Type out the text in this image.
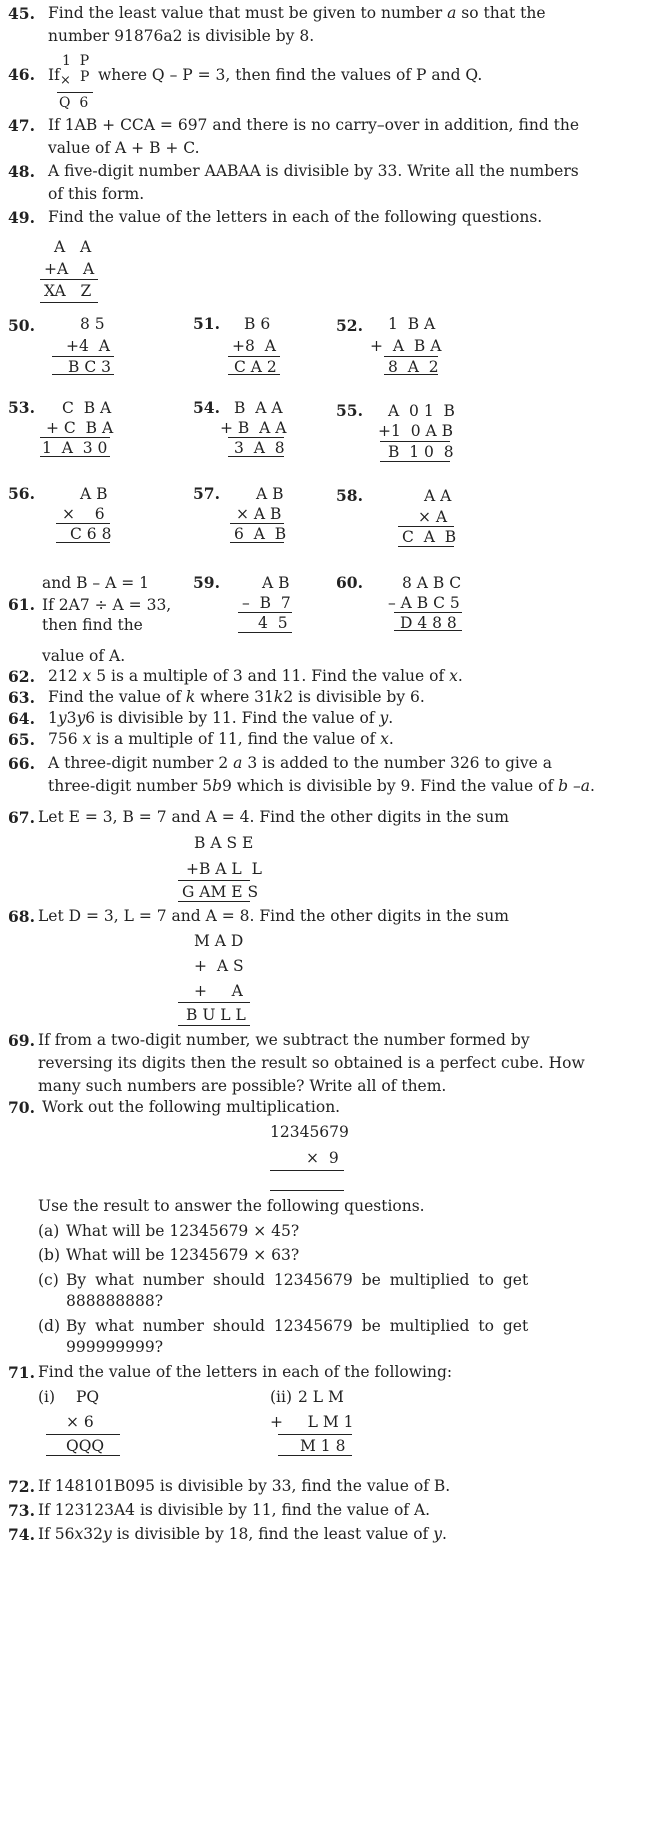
45. Find the least value that must be given to number a so that the
number 91876a2 is divisible by 8.
46. If
1  P
× P
Q  6
where Q – P = 3, then find the values of P and Q.
47. If 1AB + CCA = 697 and there is no carry–over in addition, find the
value of A + B + C.
48. A five-digit number AABAA is divisible by 33. Write all the numbers
of this form.
49. Find the value of the letters in each of the following questions.
A   A
+A   A
XA   Z
50.	8 5
+4  A
B C 3
51. B 6
+8  A
C A 2
52. 1  B A
+  A  B A
8  A  2
53. C  B A
+ C  B A
1  A  3 0
54. B  A A
+ B  A A
3  A  8
55. A  0 1  B
+1  0 A B
B  1 0  8
56.	A B
×    6
C 6 8
57. A B
× A B
6  A  B
58.	A A
× A
C  A  B
and B – A = 1
61. If 2A7 ÷ A = 33,
then find the
value of A.
59.	A B
–  B  7
4  5
60.	8 A B C
– A B C 5
D 4 8 8
62. 212 x 5 is a multiple of 3 and 11. Find the value of x.
63. Find the value of k where 31k2 is divisible by 6.
64. 1y3y6 is divisible by 11. Find the value of y.
65. 756 x is a multiple of 11, find the value of x.
66. A three-digit number 2 a 3 is added to the number 326 to give a
three-digit number 5b9 which is divisible by 9. Find the value of b –a.
67. Let E = 3, B = 7 and A = 4. Find the other digits in the sum
B A S E
+B A L  L
G AM E S
68. Let D = 3, L = 7 and A = 8. Find the other digits in the sum
M A D
+  A S
+     A
B U L L
69. If from a two-digit number, we subtract the number formed by
reversing its digits then the result so obtained is a perfect cube. How
many such numbers are possible? Write all of them.
70. Work out the following multiplication.
12345679
×  9
Use the result to answer the following questions.
(a) What will be 12345679 × 45?
(b) What will be 12345679 × 63?
(c) By what number should 12345679 be multiplied to get
888888888?
(d) By what number should 12345679 be multiplied to get
999999999?
71. Find the value of the letters in each of the following:
(i) PQ
× 6
QQQ
(ii) 2 L M
+     L M 1
M 1 8
72. If 148101B095 is divisible by 33, find the value of B.
73. If 123123A4 is divisible by 11, find the value of A.
74. If 56x32y is divisible by 18, find the least value of y.
